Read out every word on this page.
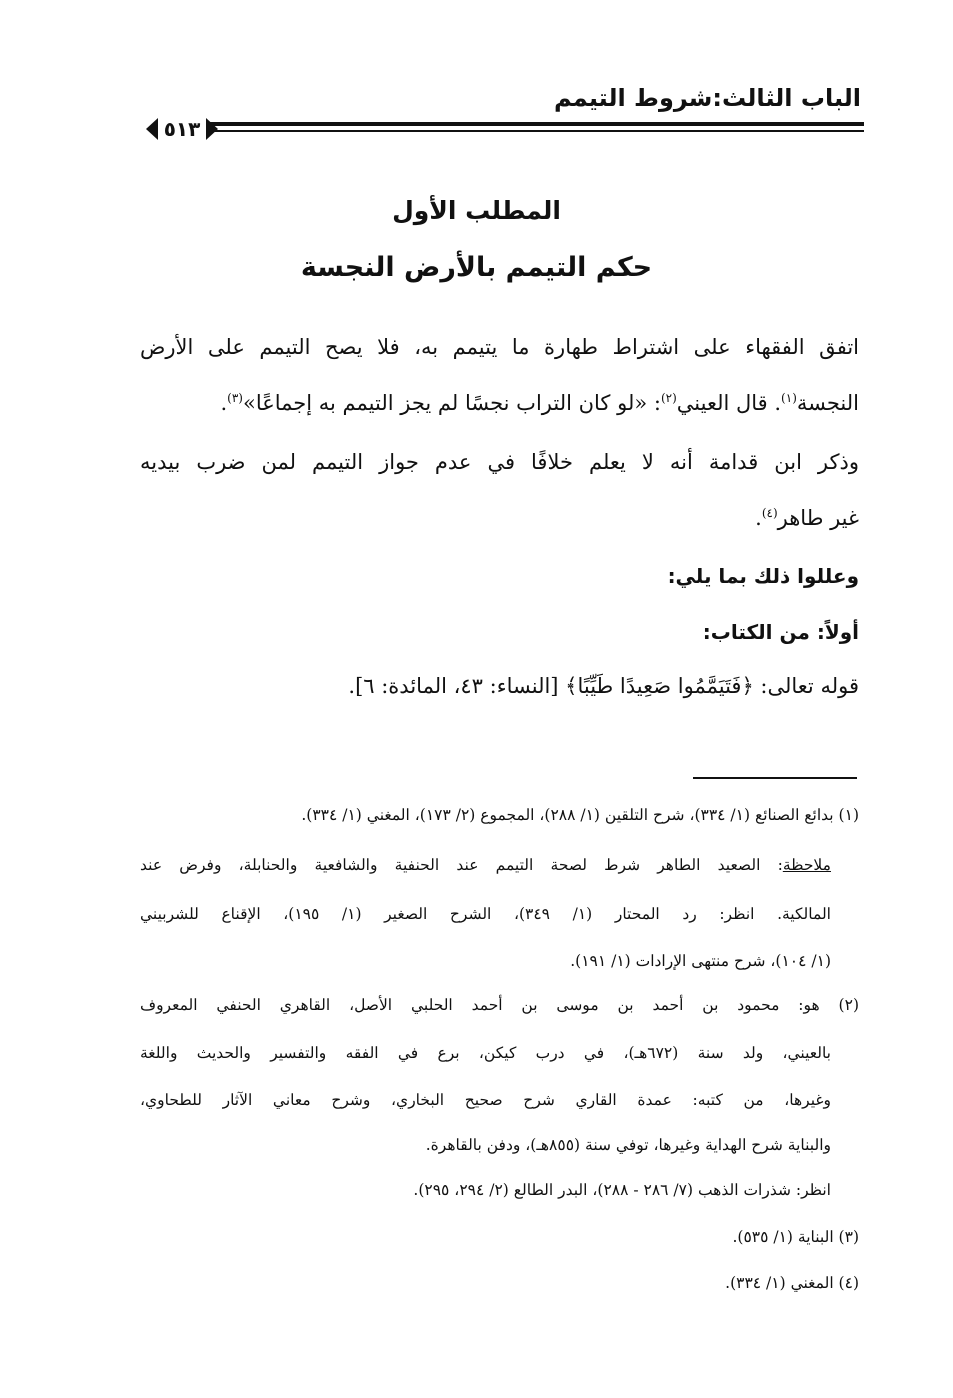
الباب الثالث:شروط التيمم
٥١٣
المطلب الأول
حكم التيمم بالأرض النجسة
اتفق الفقهاء على اشتراط طهارة ما يتيمم به، فلا يصح التيمم على الأرض
النجسة$^{(١)}$. قال العيني$^{(٢)}$: «لو كان التراب نجسًا لم يجز التيمم به إجماعًا»$^{(٣)}$.
وذكر ابن قدامة أنه لا يعلم خلافًا في عدم جواز التيمم لمن ضرب بيديه
غير طاهر$^{(٤)}$.
وعللوا ذلك بما يلي:
أولاً: من الكتاب:
قوله تعالى: ﴿فَتَيَمَّمُوا صَعِيدًا طَيِّبًا﴾ [النساء: ٤٣، المائدة: ٦].
(١) بدائع الصنائع (١/ ٣٣٤)، شرح التلقين (١/ ٢٨٨)، المجموع (٢/ ١٧٣)، المغني (١/ ٣٣٤).
ملاحظة: الصعيد الطاهر شرط لصحة التيمم عند الحنفية والشافعية والحنابلة، وفرض عند
المالكية. انظر: رد المحتار (١/ ٣٤٩)، الشرح الصغير (١/ ١٩٥)، الإقناع للشربيني
(١/ ١٠٤)، شرح منتهى الإرادات (١/ ١٩١).
(٢) هو: محمود بن أحمد بن موسى بن أحمد الحلبي الأصل، القاهري الحنفي المعروف
بالعيني، ولد سنة (٦٧٢هـ)، في درب كيكن، برع في الفقه والتفسير والحديث واللغة
وغيرها، من كتبه: عمدة القاري شرح صحيح البخاري، وشرح معاني الآثار للطحاوي،
والبناية شرح الهداية وغيرها، توفي سنة (٨٥٥هـ)، ودفن بالقاهرة.
انظر: شذرات الذهب (٧/ ٢٨٦ - ٢٨٨)، البدر الطالع (٢/ ٢٩٤، ٢٩٥).
(٣) البناية (١/ ٥٣٥).
(٤) المغني (١/ ٣٣٤).
